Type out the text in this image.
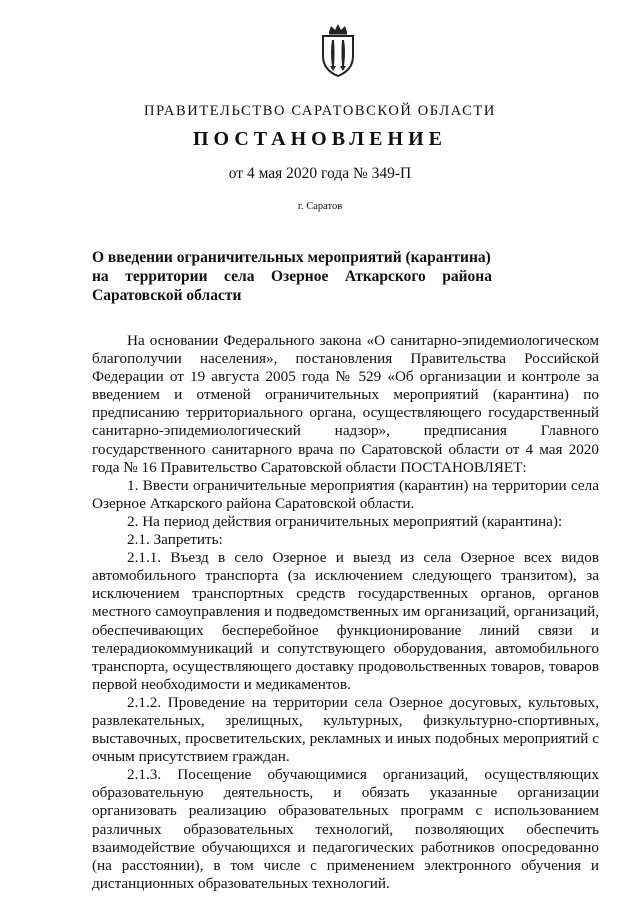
ПРАВИТЕЛЬСТВО САРАТОВСКОЙ ОБЛАСТИ
ПОСТАНОВЛЕНИЕ
от 4 мая 2020 года № 349-П
г. Саратов
О введении ограничительных мероприятий (карантина)
на территории села Озерное Аткарского района
Саратовской области

На основании Федерального закона «О санитарно-эпидемиологическом благополучии населения», постановления Правительства Российской Федерации от 19 августа 2005 года № 529 «Об организации и контроле за введением и отменой ограничительных мероприятий (карантина) по предписанию территориального органа, осуществляющего государственный санитарно-эпидемиологический надзор», предписания Главного государственного санитарного врача по Саратовской области от 4 мая 2020 года № 16 Правительство Саратовской области ПОСТАНОВЛЯЕТ:

1. Ввести ограничительные мероприятия (карантин) на территории села Озерное Аткарского района Саратовской области.

2. На период действия ограничительных мероприятий (карантина):

2.1. Запретить:

2.1.1. Въезд в село Озерное и выезд из села Озерное всех видов автомобильного транспорта (за исключением следующего транзитом), за исключением транспортных средств государственных органов, органов местного самоуправления и подведомственных им организаций, организаций, обеспечивающих бесперебойное функционирование линий связи и телерадиокоммуникаций и сопутствующего оборудования, автомобильного транспорта, осуществляющего доставку продовольственных товаров, товаров первой необходимости и медикаментов.

2.1.2. Проведение на территории села Озерное досуговых, культовых, развлекательных, зрелищных, культурных, физкультурно-спортивных, выставочных, просветительских, рекламных и иных подобных мероприятий с очным присутствием граждан.

2.1.3. Посещение обучающимися организаций, осуществляющих образовательную деятельность, и обязать указанные организации организовать реализацию образовательных программ с использованием различных образовательных технологий, позволяющих обеспечить взаимодействие обучающихся и педагогических работников опосредованно (на расстоянии), в том числе с применением электронного обучения и дистанционных образовательных технологий.
